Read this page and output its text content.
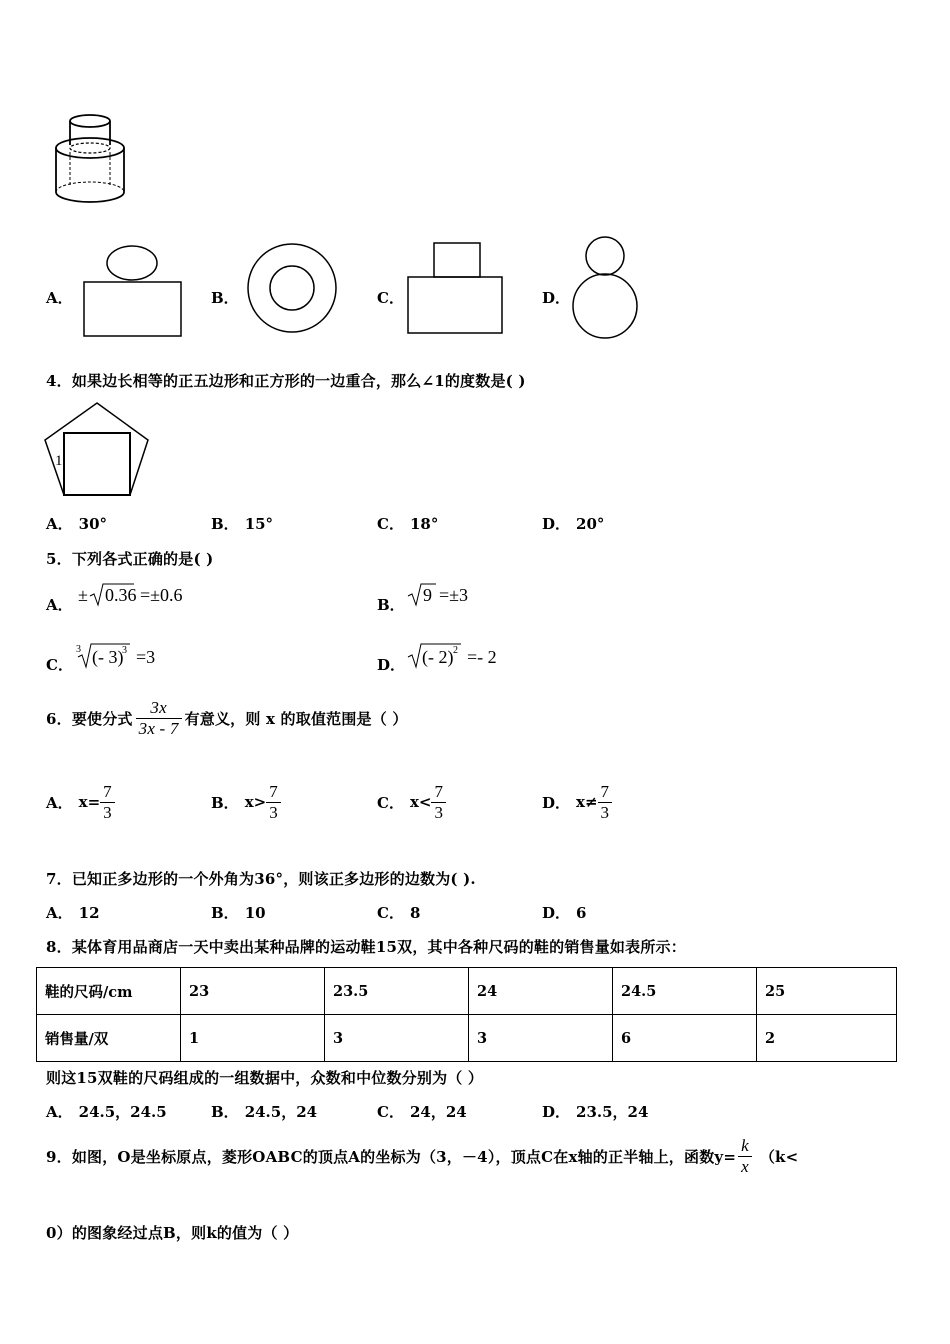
A．	B．	C．	D．
4．如果边长相等的正五边形和正方形的一边重合，那么∠1的度数是( )
1
A． 30°	B． 15°	C． 18°	D． 20°
5．下列各式正确的是( )
A． ± 0.36 =±0.6	B． 9 =±3
C．
3 (- 3)
3 =3	D． (- 2) 2 =- 2
6．要使分式 $\frac{3x}{3x - 7}$ 有意义，则 x 的取值范围是（ ）
A． $x= \frac{7}{3}$	B． $x> \frac{7}{3}$	C． $x< \frac{7}{3}$	D． $x\ne \frac{7}{3}$
7．已知正多边形的一个外角为36°，则该正多边形的边数为( ).
A． 12	B． 10	C． 8	D． 6
8．某体育用品商店一天中卖出某种品牌的运动鞋15双，其中各种尺码的鞋的销售量如表所示：
鞋的尺码/cm	23	23.5	24	24.5	25
销售量/双	1	3	3	6	2
则这15双鞋的尺码组成的一组数据中，众数和中位数分别为（ ）
A． 24.5，24.5	B． 24.5，24	C． 24，24	D． 23.5，24
9．如图，O是坐标原点，菱形OABC的顶点A的坐标为（3，－4），顶点C在x轴的正半轴上，函数$y= \frac{k}{x} (k<$
0）的图象经过点B，则k的值为（ ）
